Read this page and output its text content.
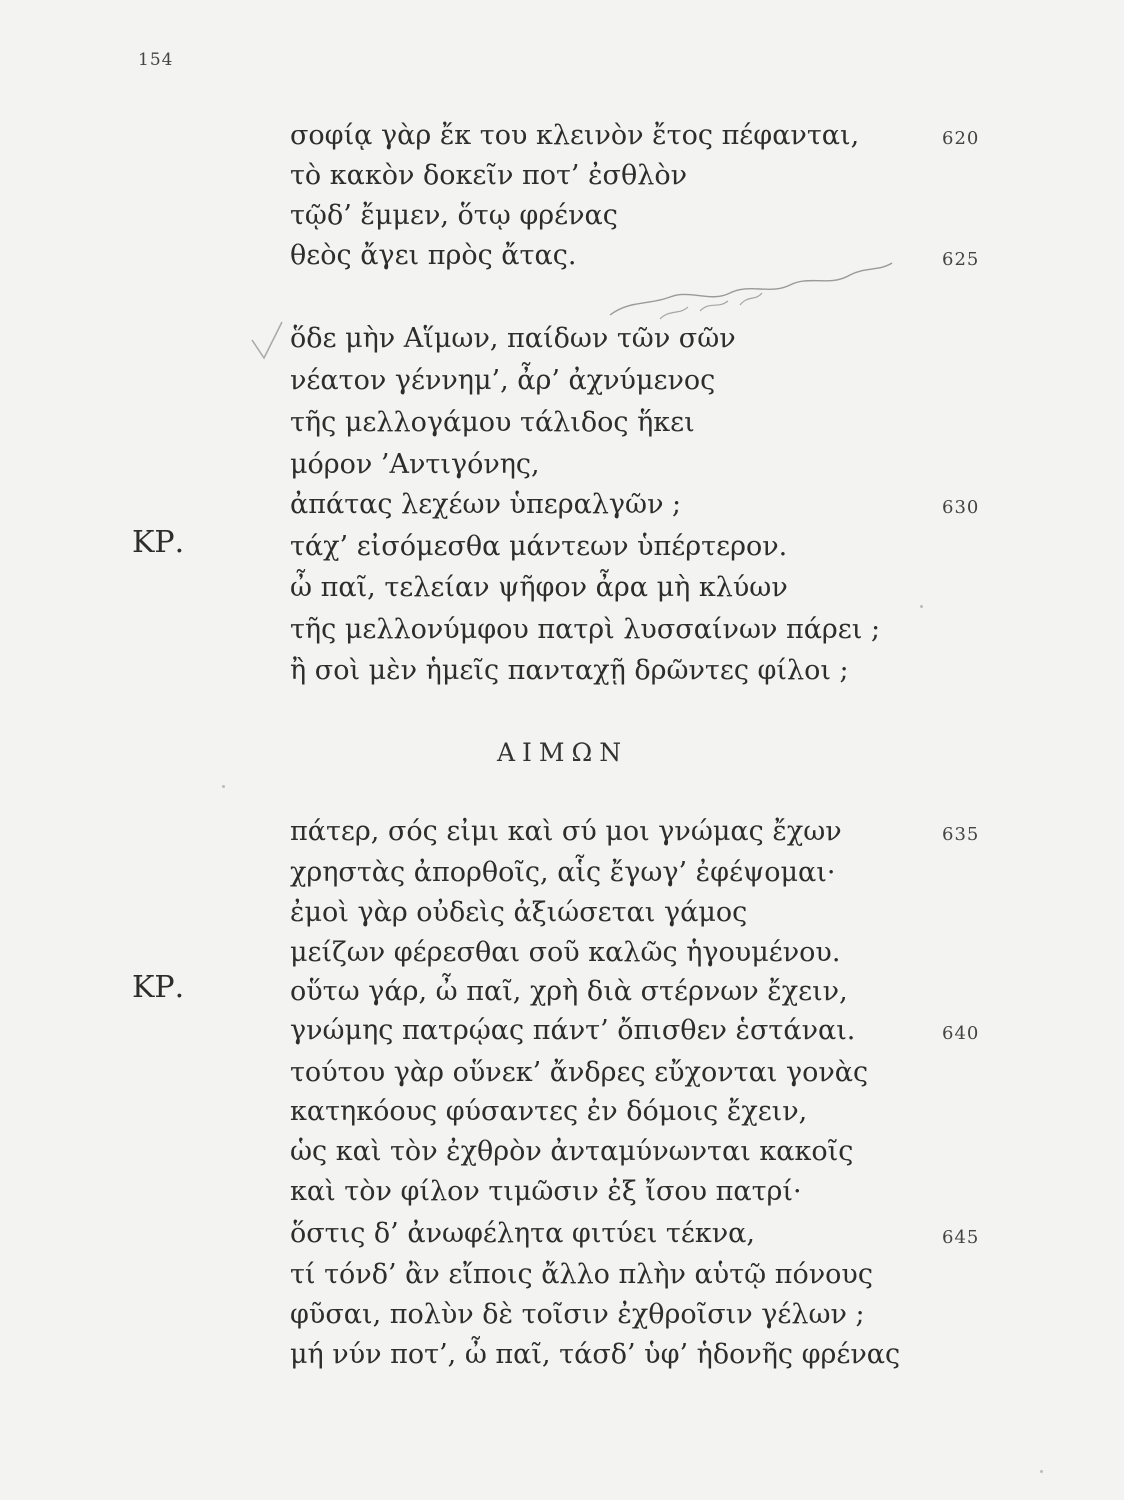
154
σοφίᾳ γὰρ ἔκ του κλεινὸν ἔτος πέφανται,	620
τὸ κακὸν δοκεῖν ποτ’ ἐσθλὸν
τῷδ’ ἔμμεν, ὅτῳ φρένας
θεὸς ἄγει πρὸς ἄτας.	625
ὅδε μὴν Αἵμων, παίδων τῶν σῶν
νέατον γέννημ’, ἆρ’ ἀχνύμενος
τῆς μελλογάμου τάλιδος ἥκει
μόρον ’Αντιγόνης,
ἀπάτας λεχέων ὑπεραλγῶν ;	630
ΚΡ.	τάχ’ εἰσόμεσθα μάντεων ὑπέρτερον.
ὦ παῖ, τελείαν ψῆφον ἆρα μὴ κλύων
τῆς μελλονύμφου πατρὶ λυσσαίνων πάρει ;
ἢ σοὶ μὲν ἡμεῖς πανταχῇ δρῶντες φίλοι ;
ΑΙΜΩΝ
πάτερ, σός εἰμι καὶ σύ μοι γνώμας ἔχων	635
χρηστὰς ἀπορθοῖς, αἷς ἔγωγ’ ἐφέψομαι·
ἐμοὶ γὰρ οὐδεὶς ἀξιώσεται γάμος
μείζων φέρεσθαι σοῦ καλῶς ἡγουμένου.
ΚΡ.	οὕτω γάρ, ὦ παῖ, χρὴ διὰ στέρνων ἔχειν,
γνώμης πατρῴας πάντ’ ὄπισθεν ἑστάναι.	640
τούτου γὰρ οὕνεκ’ ἄνδρες εὔχονται γονὰς
κατηκόους φύσαντες ἐν δόμοις ἔχειν,
ὡς καὶ τὸν ἐχθρὸν ἀνταμύνωνται κακοῖς
καὶ τὸν φίλον τιμῶσιν ἐξ ἴσου πατρί·
ὅστις δ’ ἀνωφέλητα φιτύει τέκνα,	645
τί τόνδ’ ἂν εἴποις ἄλλο πλὴν αὑτῷ πόνους
φῦσαι, πολὺν δὲ τοῖσιν ἐχθροῖσιν γέλων ;
μή νύν ποτ’, ὦ παῖ, τάσδ’ ὑφ’ ἡδονῆς φρένας
